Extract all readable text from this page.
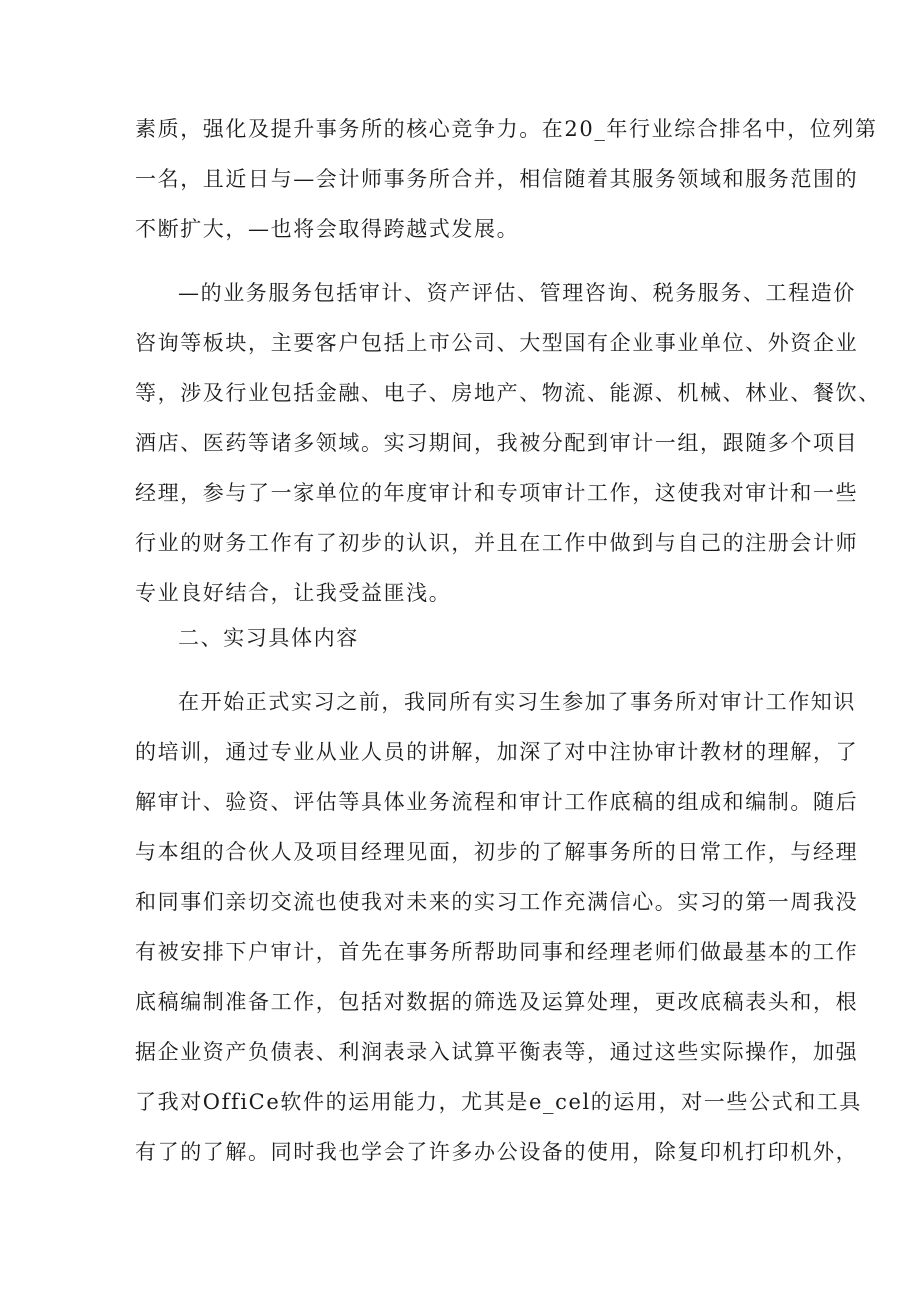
素质，强化及提升事务所的核心竞争力。在20_年行业综合排名中，位列第
一名，且近日与—会计师事务所合并，相信随着其服务领域和服务范围的
不断扩大，—也将会取得跨越式发展。
—的业务服务包括审计、资产评估、管理咨询、税务服务、工程造价
咨询等板块，主要客户包括上市公司、大型国有企业事业单位、外资企业
等，涉及行业包括金融、电子、房地产、物流、能源、机械、林业、餐饮、
酒店、医药等诸多领域。实习期间，我被分配到审计一组，跟随多个项目
经理，参与了一家单位的年度审计和专项审计工作，这使我对审计和一些
行业的财务工作有了初步的认识，并且在工作中做到与自己的注册会计师
专业良好结合，让我受益匪浅。
二、实习具体内容
在开始正式实习之前，我同所有实习生参加了事务所对审计工作知识
的培训，通过专业从业人员的讲解，加深了对中注协审计教材的理解，了
解审计、验资、评估等具体业务流程和审计工作底稿的组成和编制。随后
与本组的合伙人及项目经理见面，初步的了解事务所的日常工作，与经理
和同事们亲切交流也使我对未来的实习工作充满信心。实习的第一周我没
有被安排下户审计，首先在事务所帮助同事和经理老师们做最基本的工作
底稿编制准备工作，包括对数据的筛选及运算处理，更改底稿表头和，根
据企业资产负债表、利润表录入试算平衡表等，通过这些实际操作，加强
了我对OffiCe软件的运用能力，尤其是e_cel的运用，对一些公式和工具
有了的了解。同时我也学会了许多办公设备的使用，除复印机打印机外，
